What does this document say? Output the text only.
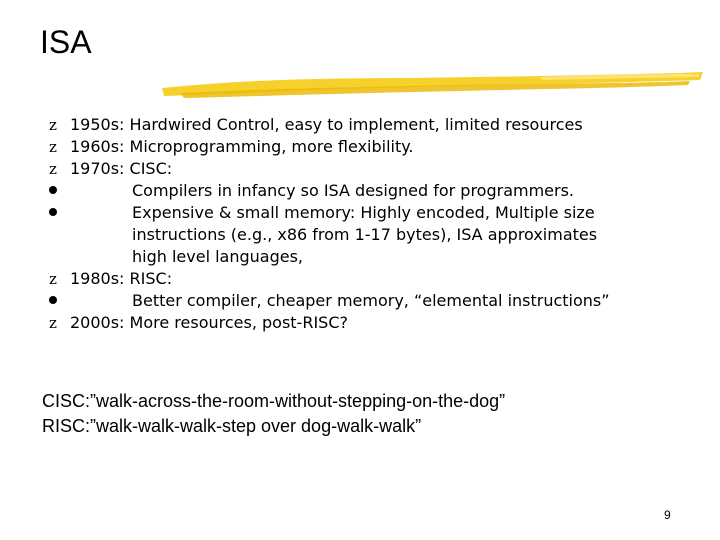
ISA
z 1950s: Hardwired Control, easy to implement, limited resources
z 1960s: Microprogramming, more flexibility.
z 1970s: CISC:
Compilers in infancy so ISA designed for programmers.
Expensive & small memory: Highly encoded, Multiple size instructions (e.g., x86 from 1-17 bytes), ISA approximates high level languages,
z 1980s: RISC:
Better compiler, cheaper memory, “elemental instructions”
z 2000s: More resources, post-RISC?
CISC:”walk-across-the-room-without-stepping-on-the-dog”
RISC:”walk-walk-walk-step over dog-walk-walk”
9
